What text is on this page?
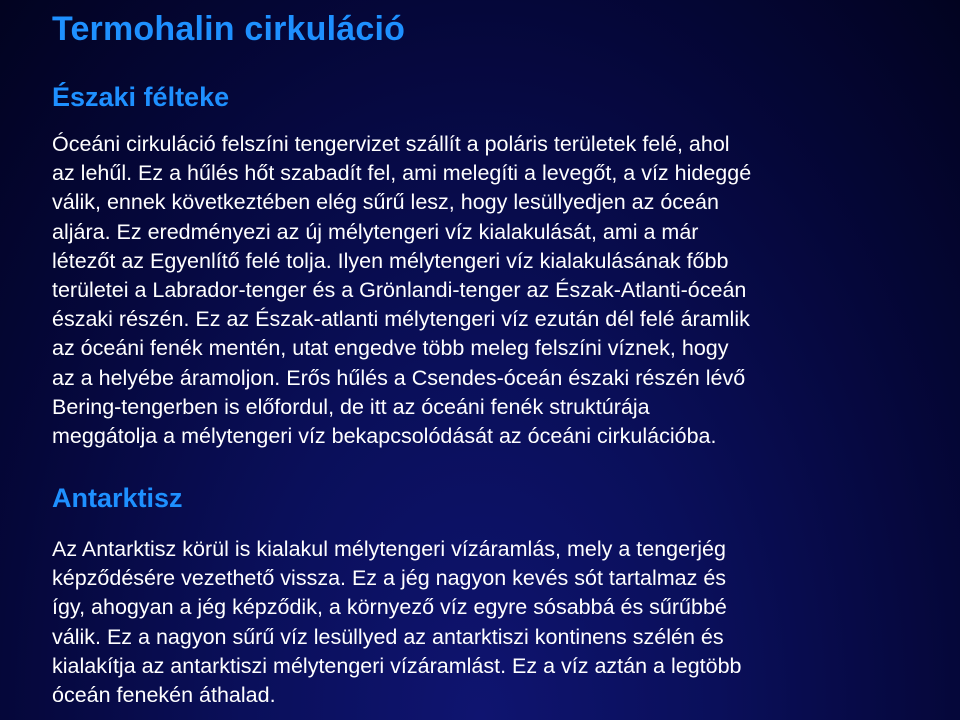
Termohalin cirkuláció
Északi félteke

Óceáni cirkuláció felszíni tengervizet szállít a poláris területek felé, ahol
az lehűl. Ez a hűlés hőt szabadít fel, ami melegíti a levegőt, a víz hideggé
válik, ennek következtében elég sűrű lesz, hogy lesüllyedjen az óceán
aljára. Ez eredményezi az új mélytengeri víz kialakulását, ami a már
létezőt az Egyenlítő felé tolja. Ilyen mélytengeri víz kialakulásának főbb
területei a Labrador-tenger és a Grönlandi-tenger az Észak-Atlanti-óceán
északi részén. Ez az Észak-atlanti mélytengeri víz ezután dél felé áramlik
az óceáni fenék mentén, utat engedve több meleg felszíni víznek, hogy
az a helyébe áramoljon. Erős hűlés a Csendes-óceán északi részén lévő
Bering-tengerben is előfordul, de itt az óceáni fenék struktúrája
meggátolja a mélytengeri víz bekapcsolódását az óceáni cirkulációba.

Antarktisz

Az Antarktisz körül is kialakul mélytengeri vízáramlás, mely a tengerjég
képződésére vezethető vissza. Ez a jég nagyon kevés sót tartalmaz és
így, ahogyan a jég képződik, a környező víz egyre sósabbá és sűrűbbé
válik. Ez a nagyon sűrű víz lesüllyed az antarktiszi kontinens szélén és
kialakítja az antarktiszi mélytengeri vízáramlást. Ez a víz aztán a legtöbb
óceán fenekén áthalad.
